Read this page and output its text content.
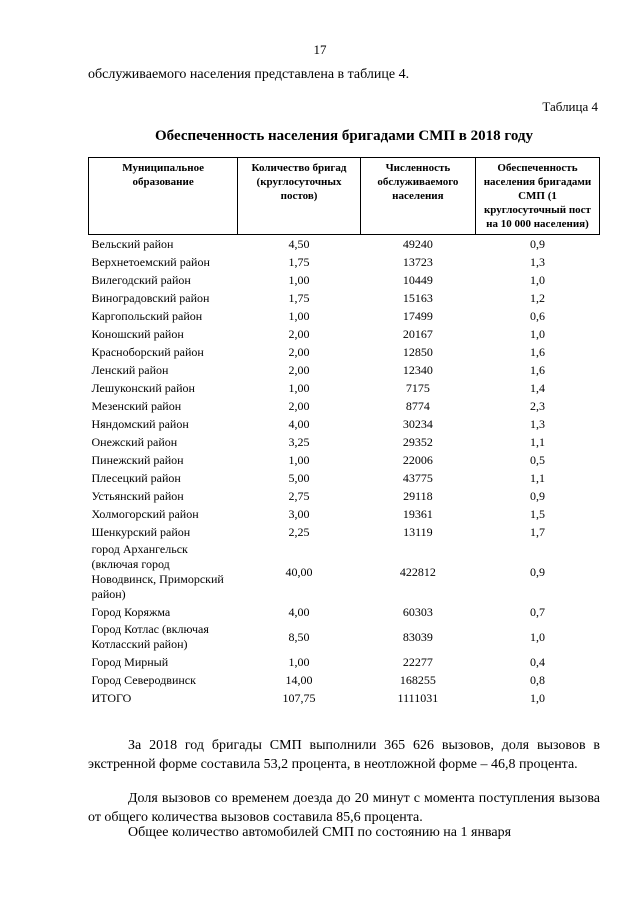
17
обслуживаемого населения представлена в таблице 4.
Таблица 4
Обеспеченность населения бригадами СМП в 2018 году
Муниципальное образование	Количество бригад (круглосуточных постов)	Численность обслуживаемого населения	Обеспеченность населения бригадами СМП (1 круглосуточный пост на 10 000 населения)
Вельский район	4,50	49240	0,9
Верхнетоемский район	1,75	13723	1,3
Вилегодский район	1,00	10449	1,0
Виноградовский район	1,75	15163	1,2
Каргопольский район	1,00	17499	0,6
Коношский район	2,00	20167	1,0
Красноборский район	2,00	12850	1,6
Ленский район	2,00	12340	1,6
Лешуконский район	1,00	7175	1,4
Мезенский район	2,00	8774	2,3
Няндомский район	4,00	30234	1,3
Онежский район	3,25	29352	1,1
Пинежский район	1,00	22006	0,5
Плесецкий район	5,00	43775	1,1
Устьянский район	2,75	29118	0,9
Холмогорский район	3,00	19361	1,5
Шенкурский район	2,25	13119	1,7
город Архангельск (включая город Новодвинск, Приморский район)	40,00	422812	0,9
Город Коряжма	4,00	60303	0,7
Город Котлас (включая Котласский район)	8,50	83039	1,0
Город Мирный	1,00	22277	0,4
Город Северодвинск	14,00	168255	0,8
ИТОГО	107,75	1111031	1,0
За 2018 год бригады СМП выполнили 365 626 вызовов, доля вызовов в экстренной форме составила 53,2 процента, в неотложной форме – 46,8 процента.
Доля вызовов со временем доезда до 20 минут с момента поступления вызова от общего количества вызовов составила 85,6 процента.
Общее количество автомобилей СМП по состоянию на 1 января
